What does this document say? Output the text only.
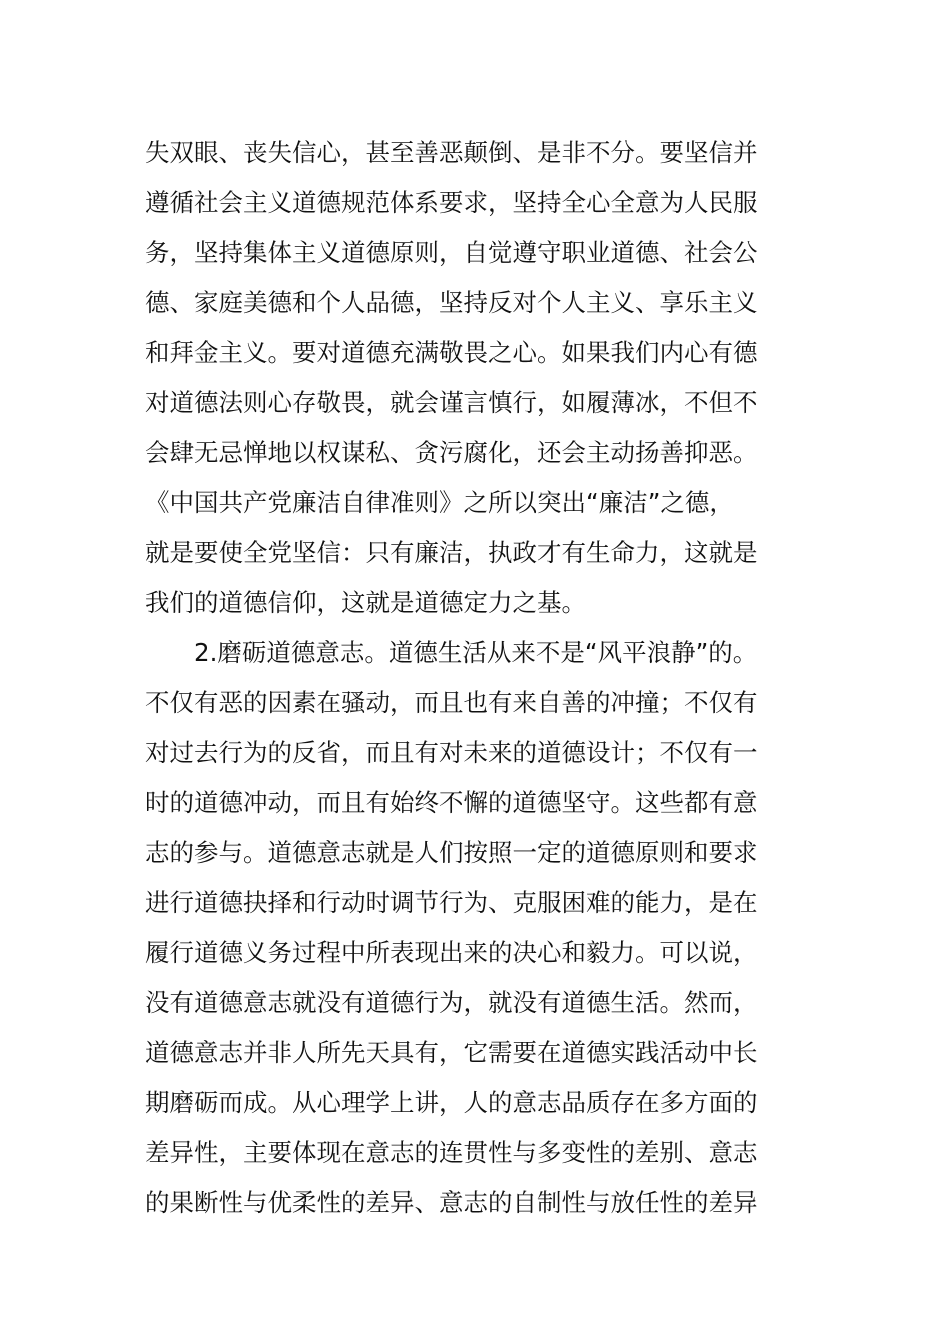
失双眼、丧失信心，甚至善恶颠倒、是非不分。要坚信并
遵循社会主义道德规范体系要求，坚持全心全意为人民服
务，坚持集体主义道德原则，自觉遵守职业道德、社会公
德、家庭美德和个人品德，坚持反对个人主义、享乐主义
和拜金主义。要对道德充满敬畏之心。如果我们内心有德
对道德法则心存敬畏，就会谨言慎行，如履薄冰，不但不
会肆无忌惮地以权谋私、贪污腐化，还会主动扬善抑恶。
《中国共产党廉洁自律准则》之所以突出“廉洁”之德，
就是要使全党坚信：只有廉洁，执政才有生命力，这就是
我们的道德信仰，这就是道德定力之基。
2.磨砺道德意志。道德生活从来不是“风平浪静”的。
不仅有恶的因素在骚动，而且也有来自善的冲撞；不仅有
对过去行为的反省，而且有对未来的道德设计；不仅有一
时的道德冲动，而且有始终不懈的道德坚守。这些都有意
志的参与。道德意志就是人们按照一定的道德原则和要求
进行道德抉择和行动时调节行为、克服困难的能力，是在
履行道德义务过程中所表现出来的决心和毅力。可以说，
没有道德意志就没有道德行为，就没有道德生活。然而，
道德意志并非人所先天具有，它需要在道德实践活动中长
期磨砺而成。从心理学上讲，人的意志品质存在多方面的
差异性，主要体现在意志的连贯性与多变性的差别、意志
的果断性与优柔性的差异、意志的自制性与放任性的差异
